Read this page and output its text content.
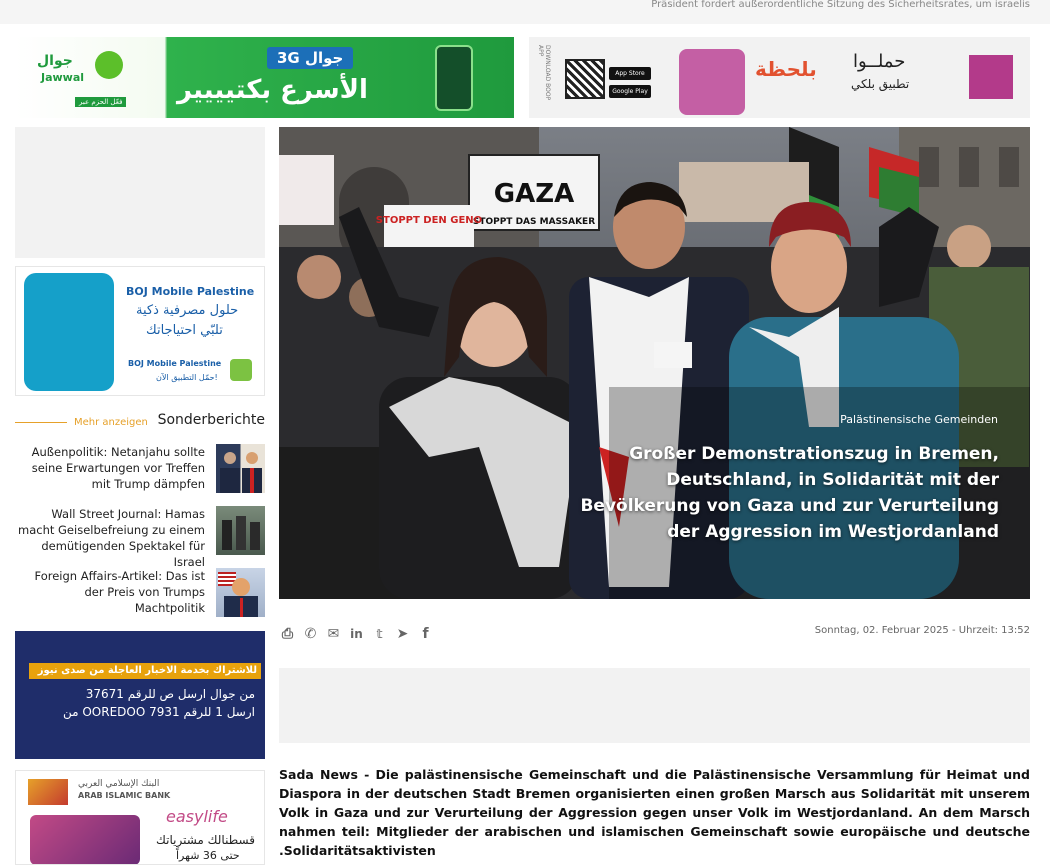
Präsident fordert außerordentliche Sitzung des Sicherheitsrates, um israelis
جوال
Jawwal
فعّل الحزم عبر
3G جوال
الأسرع بكتيييير	DOWNLOAD BOOP APP
App Store
Google Play
بلحظة حملــوا
تطبيق بلكي
BOJ Mobile Palestine
حلول مصرفية ذكية
تلبّي احتياجاتك
BOJ Mobile Palestine
حمّل التطبيق الآن!
Mehr anzeigen Sonderberichte
Außenpolitik: Netanjahu sollte seine Erwartungen vor Treffen mit Trump dämpfen
Wall Street Journal: Hamas macht Geiselbefreiung zu einem demütigenden Spektakel für Israel
Foreign Affairs-Artikel: Das ist der Preis von Trumps Machtpolitik
للاشتراك بخدمة الاخبار العاجلة من صدى نيوز
من جوال ارسل ص للرقم 37671
من OOREDOO ارسل 1 للرقم 7931
البنك الإسلامي العربي
ARAB ISLAMIC BANK
easylife
قسطنالك مشترياتك
حتى 36 شهراً
GAZA
STOPPT DAS MASSAKER
STOPPT DEN GENO
Palästinensische Gemeinden
Großer Demonstrationszug in Bremen, Deutschland, in Solidarität mit der Bevölkerung von Gaza und zur Verurteilung der Aggression im Westjordanland
⎙ ✆ ✉ in	𝕥	➤	f	Sonntag, 02. Februar 2025 - Uhrzeit: 13:52
Sada News - Die palästinensische Gemeinschaft und die Palästinensische Versammlung für Heimat und Diaspora in der deutschen Stadt Bremen organisierten einen großen Marsch aus Solidarität mit unserem Volk in Gaza und zur Verurteilung der Aggression gegen unser Volk im Westjordanland. An dem Marsch nahmen teil: Mitglieder der arabischen und islamischen Gemeinschaft sowie europäische und deutsche .Solidaritätsaktivisten
